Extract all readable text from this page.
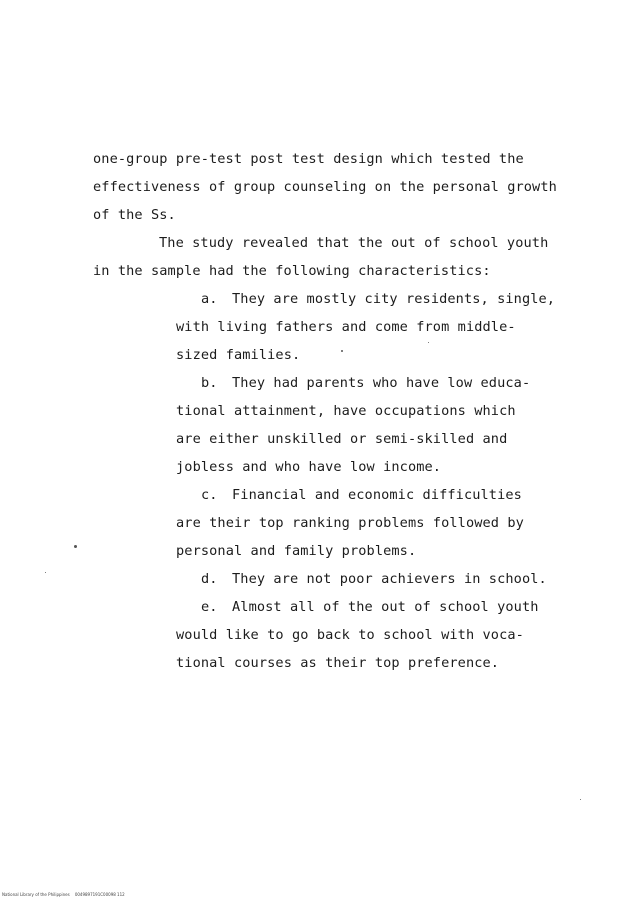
one-group pre-test post test design which tested the
effectiveness of group counseling on the personal growth
of the Ss.
The study revealed that the out of school youth
in the sample had the following characteristics:
a. They are mostly city residents, single,
with living fathers and come from middle-
sized families.
b. They had parents who have low educa-
tional attainment, have occupations which
are either unskilled or semi-skilled and
jobless and who have low income.
c. Financial and economic difficulties
are their top ranking problems followed by
personal and family problems.
d. They are not poor achievers in school.
e. Almost all of the out of school youth
would like to go back to school with voca-
tional courses as their top preference.
National Library of the Philippines 0049897191C00098 112
